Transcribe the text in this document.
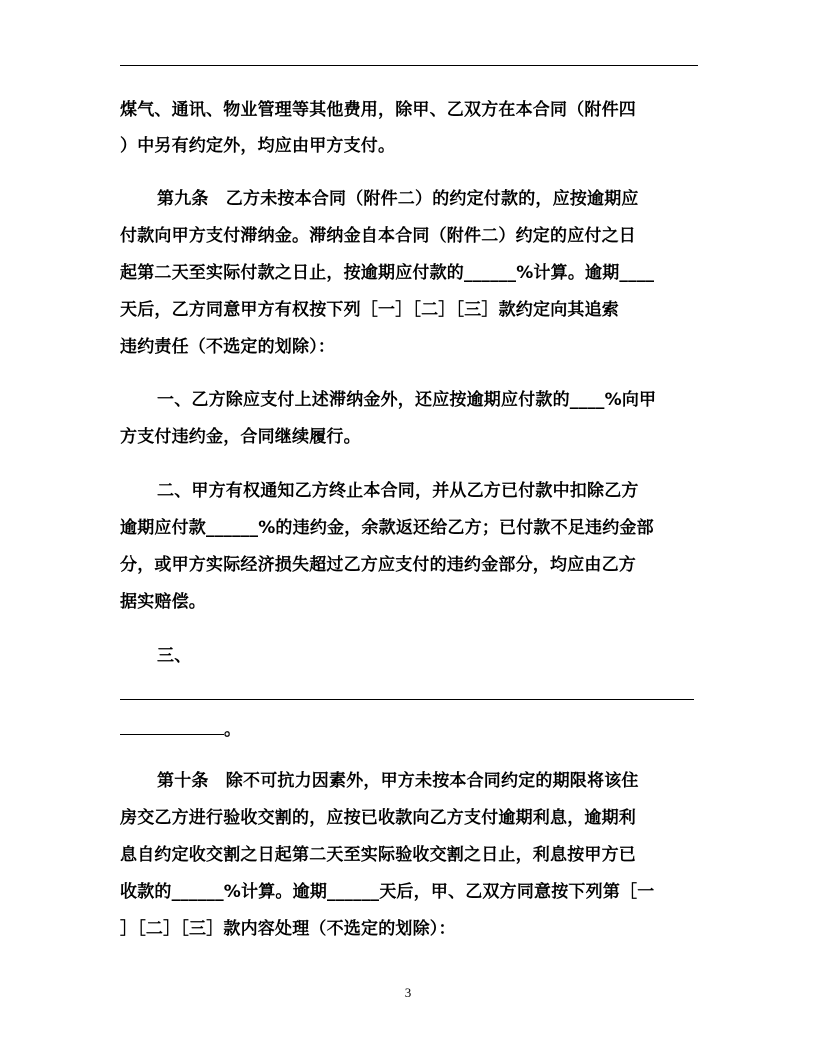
煤气、通讯、物业管理等其他费用，除甲、乙双方在本合同（附件四
）中另有约定外，均应由甲方支付。
第九条　乙方未按本合同（附件二）的约定付款的，应按逾期应
付款向甲方支付滞纳金。滞纳金自本合同（附件二）约定的应付之日
起第二天至实际付款之日止，按逾期应付款的______%计算。逾期____
天后，乙方同意甲方有权按下列［一］［二］［三］款约定向其追索
违约责任（不选定的划除）：
一、乙方除应支付上述滞纳金外，还应按逾期应付款的____%向甲
方支付违约金，合同继续履行。
二、甲方有权通知乙方终止本合同，并从乙方已付款中扣除乙方
逾期应付款______%的违约金，余款返还给乙方；已付款不足违约金部
分，或甲方实际经济损失超过乙方应支付的违约金部分，均应由乙方
据实赔偿。
三、
。
第十条　除不可抗力因素外，甲方未按本合同约定的期限将该住
房交乙方进行验收交割的，应按已收款向乙方支付逾期利息，逾期利
息自约定收交割之日起第二天至实际验收交割之日止，利息按甲方已
收款的______%计算。逾期______天后，甲、乙双方同意按下列第［一
］［二］［三］款内容处理（不选定的划除）：
3
